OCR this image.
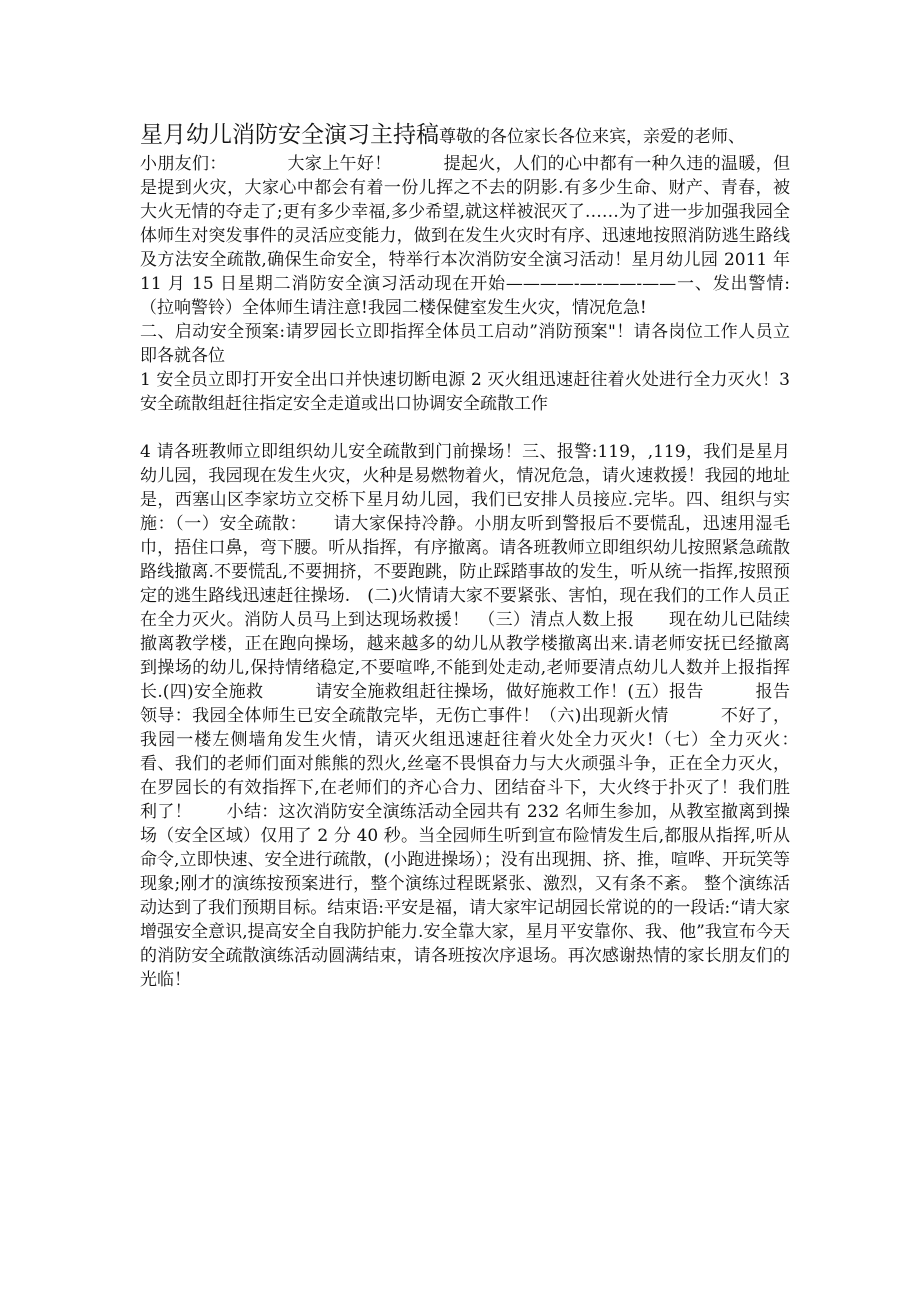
星月幼儿消防安全演习主持稿尊敬的各位家长各位来宾，亲爱的老师、

小朋友们：　　　　大家上午好！　　　提起火，人们的心中都有一种久违的温暖，但是提到火灾，大家心中都会有着一份儿挥之不去的阴影.有多少生命、财产、青春，被大火无情的夺走了;更有多少幸福,多少希望,就这样被泯灭了……为了进一步加强我园全体师生对突发事件的灵活应变能力，做到在发生火灾时有序、迅速地按照消防逃生路线及方法安全疏散,确保生命安全，特举行本次消防安全演习活动！星月幼儿园 2011 年 11 月 15 日星期二消防安全演习活动现在开始————-—-——-——一、发出警情:（拉响警铃）全体师生请注意!我园二楼保健室发生火灾，情况危急!

二、启动安全预案:请罗园长立即指挥全体员工启动”消防预案"！请各岗位工作人员立即各就各位

1 安全员立即打开安全出口并快速切断电源 2 灭火组迅速赶往着火处进行全力灭火！3 安全疏散组赶往指定安全走道或出口协调安全疏散工作

4 请各班教师立即组织幼儿安全疏散到门前操场！三、报警:119，,119，我们是星月幼儿园，我园现在发生火灾，火种是易燃物着火，情况危急，请火速救援！我园的地址是，西塞山区李家坊立交桥下星月幼儿园，我们已安排人员接应.完毕。四、组织与实施：（一）安全疏散：　　请大家保持冷静。小朋友听到警报后不要慌乱，迅速用湿毛巾，捂住口鼻，弯下腰。听从指挥，有序撤离。请各班教师立即组织幼儿按照紧急疏散路线撤离.不要慌乱,不要拥挤，不要跑跳，防止踩踏事故的发生，听从统一指挥,按照预定的逃生路线迅速赶往操场.　(二)火情请大家不要紧张、害怕，现在我们的工作人员正在全力灭火。消防人员马上到达现场救援！　（三）清点人数上报　　现在幼儿已陆续撤离教学楼，正在跑向操场，越来越多的幼儿从教学楼撤离出来.请老师安抚已经撤离到操场的幼儿,保持情绪稳定,不要喧哗,不能到处走动,老师要清点幼儿人数并上报指挥长.(四)安全施救　　　请安全施救组赶往操场，做好施救工作！(五）报告　　　报告领导：我园全体师生已安全疏散完毕，无伤亡事件！（六)出现新火情　　　不好了，我园一楼左侧墙角发生火情，请灭火组迅速赶往着火处全力灭火!（七）全力灭火：　　看、我们的老师们面对熊熊的烈火,丝毫不畏惧奋力与大火顽强斗争，正在全力灭火，在罗园长的有效指挥下,在老师们的齐心合力、团结奋斗下，大火终于扑灭了！我们胜利了！　　小结：这次消防安全演练活动全园共有 232 名师生参加，从教室撤离到操场（安全区域）仅用了 2 分 40 秒。当全园师生听到宣布险情发生后,都服从指挥,听从命令,立即快速、安全进行疏散，(小跑进操场）；没有出现拥、挤、推，喧哗、开玩笑等现象;刚才的演练按预案进行，整个演练过程既紧张、激烈，又有条不紊。 整个演练活动达到了我们预期目标。结束语:平安是福，请大家牢记胡园长常说的的一段话:“请大家增强安全意识,提高安全自我防护能力.安全靠大家，星月平安靠你、我、他”我宣布今天的消防安全疏散演练活动圆满结束，请各班按次序退场。再次感谢热情的家长朋友们的光临！
